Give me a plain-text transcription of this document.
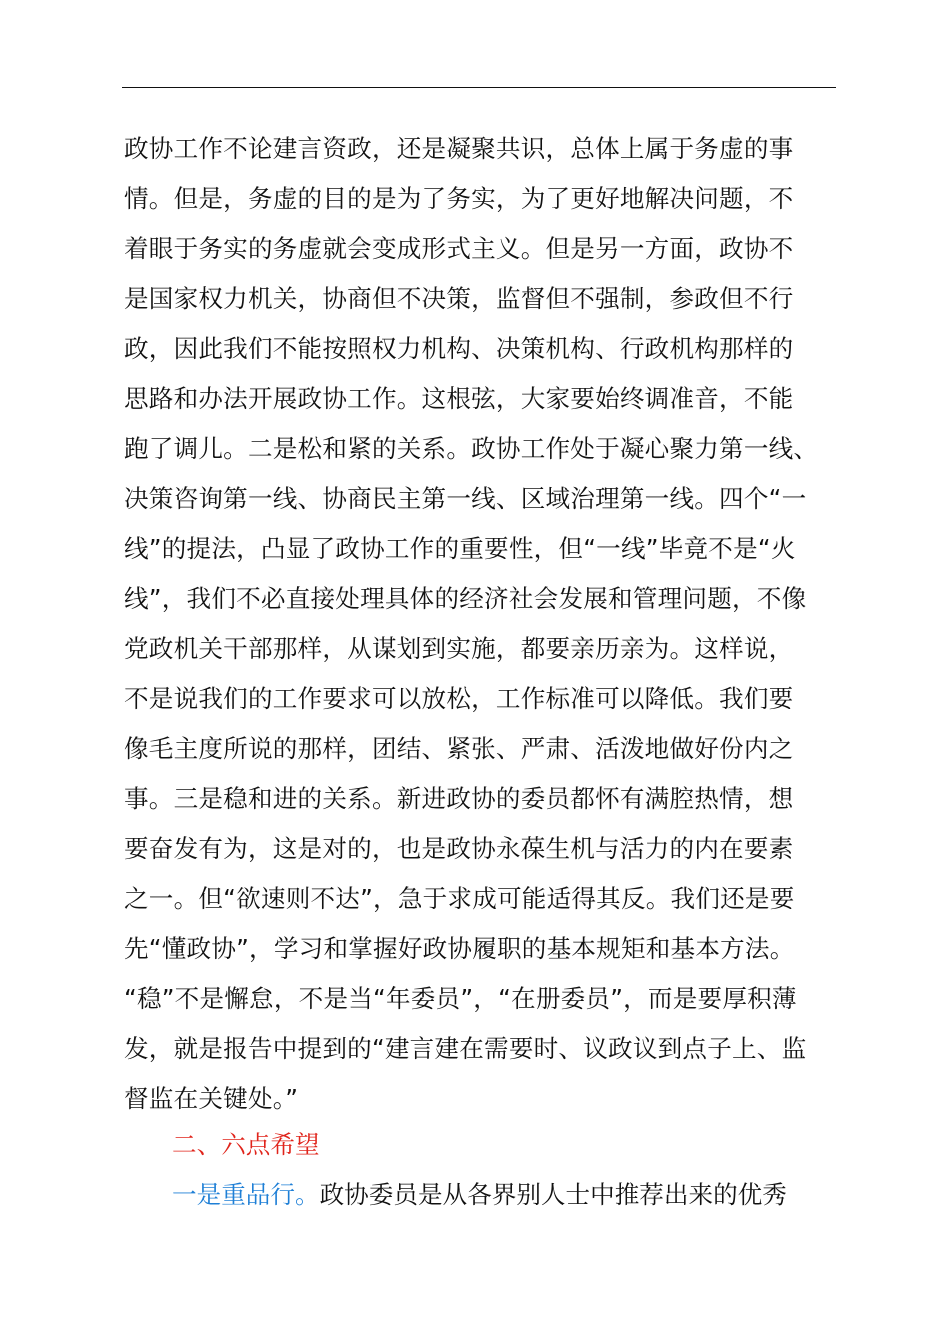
政协工作不论建言资政，还是凝聚共识，总体上属于务虚的事
情。但是，务虚的目的是为了务实，为了更好地解决问题，不
着眼于务实的务虚就会变成形式主义。但是另一方面，政协不
是国家权力机关，协商但不决策，监督但不强制，参政但不行
政，因此我们不能按照权力机构、决策机构、行政机构那样的
思路和办法开展政协工作。这根弦，大家要始终调准音，不能
跑了调儿。二是松和紧的关系。政协工作处于凝心聚力第一线、
决策咨询第一线、协商民主第一线、区域治理第一线。四个“一
线”的提法，凸显了政协工作的重要性，但“一线”毕竟不是“火
线”，我们不必直接处理具体的经济社会发展和管理问题，不像
党政机关干部那样，从谋划到实施，都要亲历亲为。这样说，
不是说我们的工作要求可以放松，工作标准可以降低。我们要
像毛主度所说的那样，团结、紧张、严肃、活泼地做好份内之
事。三是稳和进的关系。新进政协的委员都怀有满腔热情，想
要奋发有为，这是对的，也是政协永葆生机与活力的内在要素
之一。但“欲速则不达”，急于求成可能适得其反。我们还是要
先“懂政协”，学习和掌握好政协履职的基本规矩和基本方法。
“稳”不是懈怠，不是当“年委员”，“在册委员”，而是要厚积薄
发，就是报告中提到的“建言建在需要时、议政议到点子上、监
督监在关键处。”
二、六点希望
一是重品行。政协委员是从各界别人士中推荐出来的优秀
